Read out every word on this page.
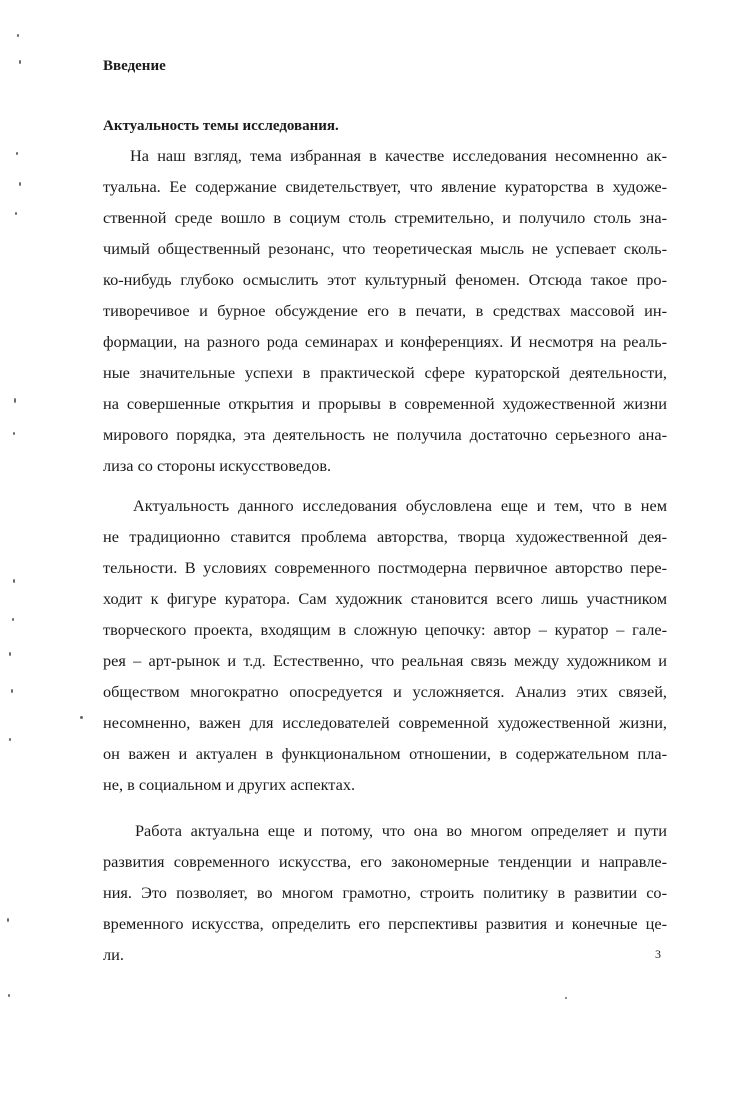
Введение
Актуальность темы исследования.

На наш взгляд, тема избранная в качестве исследования несомненно ак-

туальна. Ее содержание свидетельствует, что явление кураторства в художе-

ственной среде вошло в социум столь стремительно, и получило столь зна-

чимый общественный резонанс, что теоретическая мысль не успевает сколь-

ко-нибудь глубоко осмыслить этот культурный феномен. Отсюда такое про-

тиворечивое и бурное обсуждение его в печати, в средствах массовой ин-

формации, на разного рода семинарах и конференциях. И несмотря на реаль-

ные значительные успехи в практической сфере кураторской деятельности,

на совершенные открытия и прорывы в современной художественной жизни

мирового порядка, эта деятельность не получила достаточно серьезного ана-

лиза со стороны искусствоведов.

Актуальность данного исследования обусловлена еще и тем, что в нем

не традиционно ставится проблема авторства, творца художественной дея-

тельности. В условиях современного постмодерна первичное авторство пере-

ходит к фигуре куратора. Сам художник становится всего лишь участником

творческого проекта, входящим в сложную цепочку: автор – куратор – гале-

рея – арт-рынок и т.д. Естественно, что реальная связь между художником и

обществом многократно опосредуется и усложняется. Анализ этих связей,

несомненно, важен для исследователей современной художественной жизни,

он важен и актуален в функциональном отношении, в содержательном пла-

не, в социальном и других аспектах.

Работа актуальна еще и потому, что она во многом определяет и пути

развития современного искусства, его закономерные тенденции и направле-

ния. Это позволяет, во многом грамотно, строить политику в развитии со-

временного искусства, определить его перспективы развития и конечные це-

ли.	3
